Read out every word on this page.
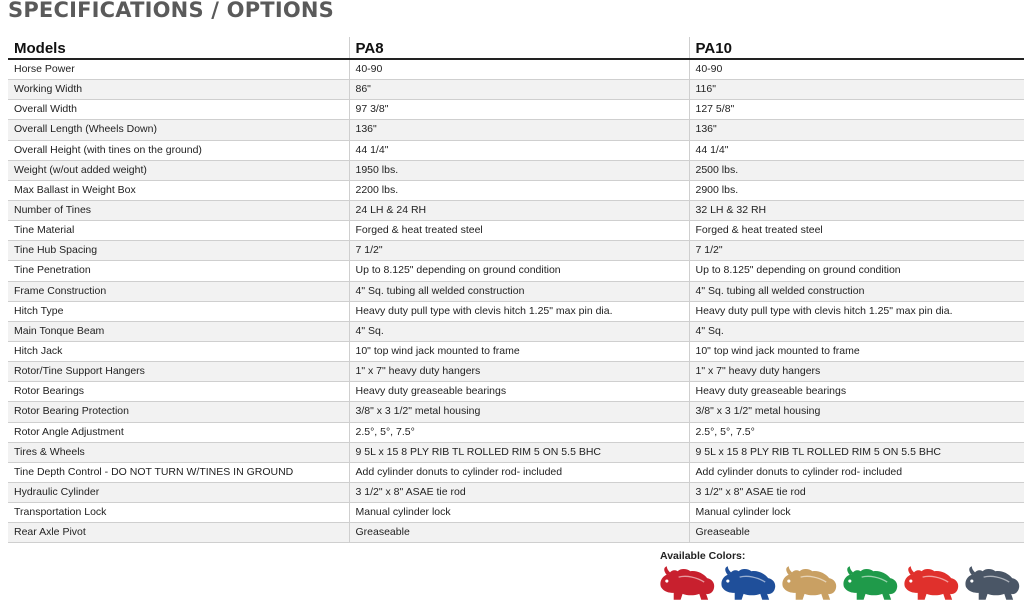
SPECIFICATIONS / OPTIONS
Models	PA8	PA10
Horse Power	40-90	40-90
Working Width	86"	116"
Overall Width	97 3/8"	127 5/8"
Overall Length (Wheels Down)	136"	136"
Overall Height (with tines on the ground)	44 1/4"	44 1/4"
Weight (w/out added weight)	1950 lbs.	2500 lbs.
Max Ballast in Weight Box	2200 lbs.	2900 lbs.
Number of Tines	24 LH & 24 RH	32 LH & 32 RH
Tine Material	Forged & heat treated steel	Forged & heat treated steel
Tine Hub Spacing	7 1/2"	7 1/2"
Tine Penetration	Up to 8.125" depending on ground condition	Up to 8.125" depending on ground condition
Frame Construction	4" Sq. tubing all welded construction	4" Sq. tubing all welded construction
Hitch Type	Heavy duty pull type with clevis hitch 1.25" max pin dia.	Heavy duty pull type with clevis hitch 1.25" max pin dia.
Main Tonque Beam	4" Sq.	4" Sq.
Hitch Jack	10" top wind jack mounted to frame	10" top wind jack mounted to frame
Rotor/Tine Support Hangers	1" x 7" heavy duty hangers	1" x 7" heavy duty hangers
Rotor Bearings	Heavy duty greaseable bearings	Heavy duty greaseable bearings
Rotor Bearing Protection	3/8" x 3 1/2" metal housing	3/8" x 3 1/2" metal housing
Rotor Angle Adjustment	2.5°, 5°, 7.5°	2.5°, 5°, 7.5°
Tires & Wheels	9 5L x 15 8 PLY RIB TL ROLLED RIM 5 ON 5.5 BHC	9 5L x 15 8 PLY RIB TL ROLLED RIM 5 ON 5.5 BHC
Tine Depth Control - DO NOT TURN W/TINES IN GROUND	Add cylinder donuts to cylinder rod- included	Add cylinder donuts to cylinder rod- included
Hydraulic Cylinder	3 1/2" x 8" ASAE tie rod	3 1/2" x 8" ASAE tie rod
Transportation Lock	Manual cylinder lock	Manual cylinder lock
Rear Axle Pivot	Greaseable	Greaseable
Available Colors:
